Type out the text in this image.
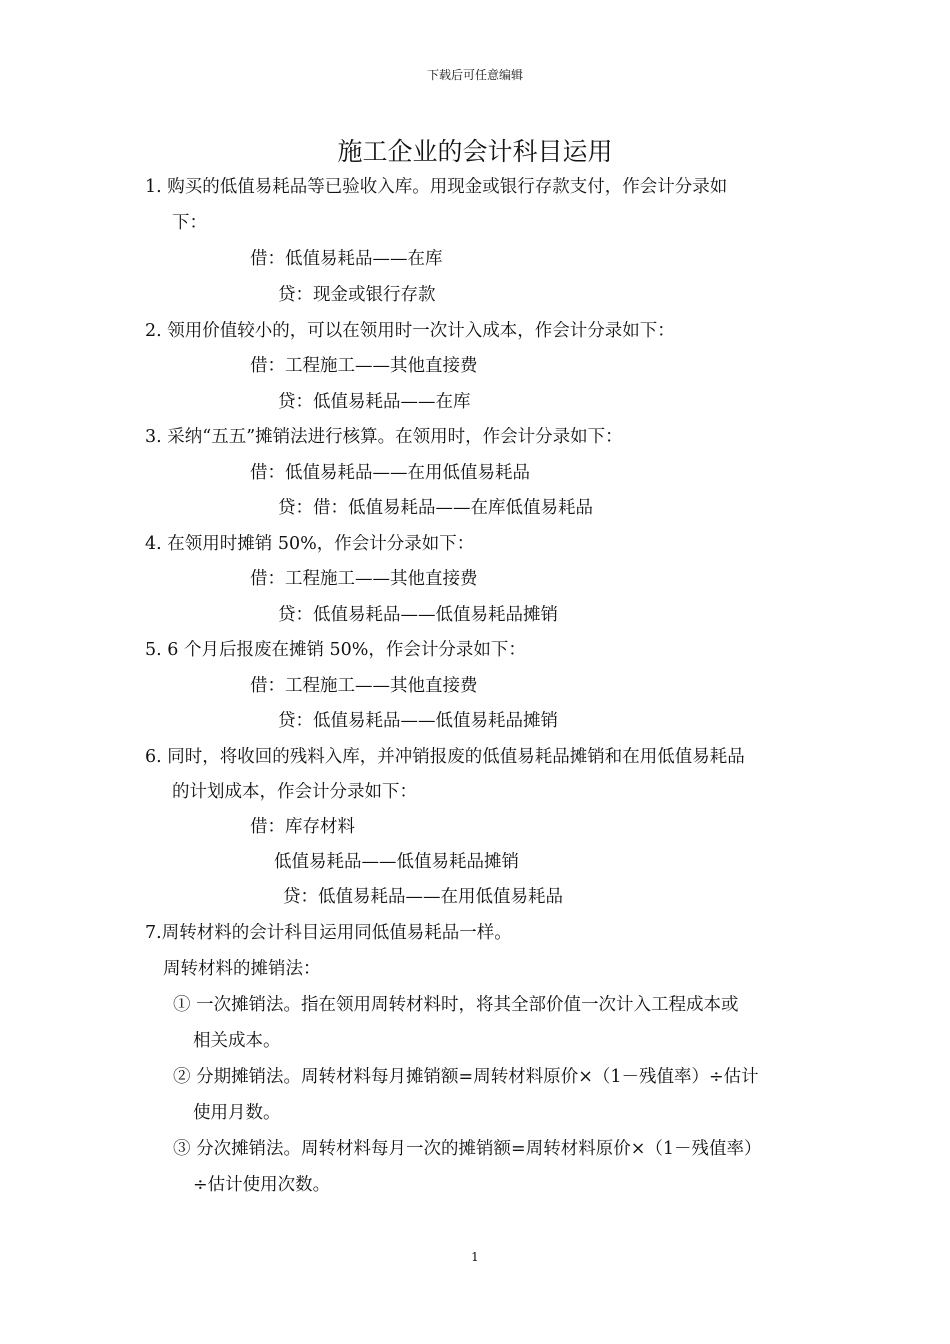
下载后可任意编辑
施工企业的会计科目运用
1. 购买的低值易耗品等已验收入库。用现金或银行存款支付，作会计分录如
下：
借：低值易耗品——在库
贷：现金或银行存款
2. 领用价值较小的，可以在领用时一次计入成本，作会计分录如下：
借：工程施工——其他直接费
贷：低值易耗品——在库
3. 采纳“五五”摊销法进行核算。在领用时，作会计分录如下：
借：低值易耗品——在用低值易耗品
贷：借：低值易耗品——在库低值易耗品
4. 在领用时摊销 50%，作会计分录如下：
借：工程施工——其他直接费
贷：低值易耗品——低值易耗品摊销
5. 6 个月后报废在摊销 50%，作会计分录如下：
借：工程施工——其他直接费
贷：低值易耗品——低值易耗品摊销
6. 同时，将收回的残料入库，并冲销报废的低值易耗品摊销和在用低值易耗品
的计划成本，作会计分录如下：
借：库存材料
低值易耗品——低值易耗品摊销
贷：低值易耗品——在用低值易耗品
7.周转材料的会计科目运用同低值易耗品一样。
周转材料的摊销法：
① 一次摊销法。指在领用周转材料时，将其全部价值一次计入工程成本或
相关成本。
② 分期摊销法。周转材料每月摊销额=周转材料原价×（1－残值率）÷估计
使用月数。
③ 分次摊销法。周转材料每月一次的摊销额=周转材料原价×（1－残值率）
÷估计使用次数。
1
